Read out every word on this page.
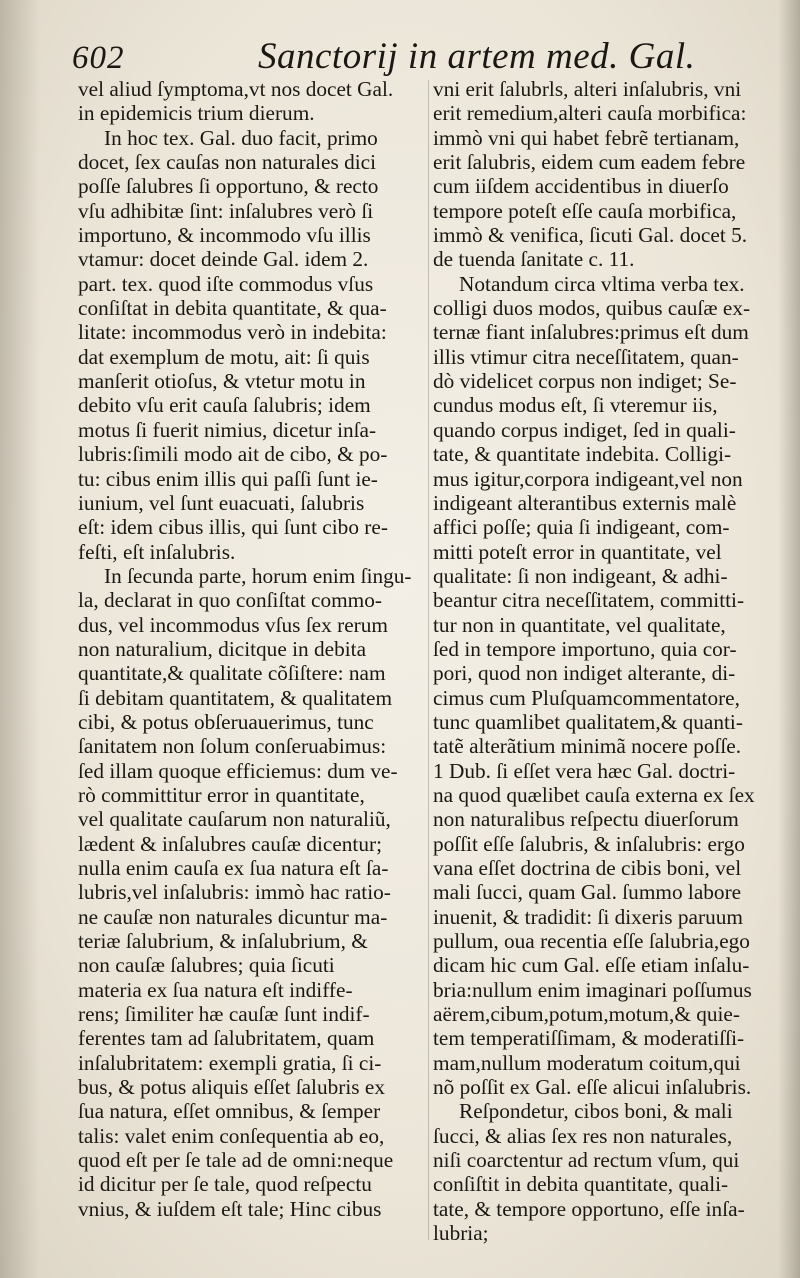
602	Sanctorij in artem med. Gal.
vel aliud ſymptoma,vt nos docet Gal.
in epidemicis trium dierum.
In hoc tex. Gal. duo facit, primo
docet, ſex cauſas non naturales dici
poſſe ſalubres ſi opportuno, & recto
vſu adhibitæ ſint: inſalubres verò ſi
importuno, & incommodo vſu illis
vtamur: docet deinde Gal. idem 2.
part. tex. quod iſte commodus vſus
conſiſtat in debita quantitate, & qua-
litate: incommodus verò in indebita:
dat exemplum de motu, ait: ſi quis
manſerit otioſus, & vtetur motu in
debito vſu erit cauſa ſalubris; idem
motus ſi fuerit nimius, dicetur inſa-
lubris:ſimili modo ait de cibo, & po-
tu: cibus enim illis qui paſſi ſunt ie-
iunium, vel ſunt euacuati, ſalubris
eſt: idem cibus illis, qui ſunt cibo re-
feſti, eſt inſalubris.
In ſecunda parte, horum enim ſingu-
la, declarat in quo conſiſtat commo-
dus, vel incommodus vſus ſex rerum
non naturalium, dicitque in debita
quantitate,& qualitate cõſiſtere: nam
ſi debitam quantitatem, & qualitatem
cibi, & potus obſeruauerimus, tunc
ſanitatem non ſolum conſeruabimus:
ſed illam quoque efficiemus: dum ve-
rò committitur error in quantitate,
vel qualitate cauſarum non naturaliũ,
lædent & inſalubres cauſæ dicentur;
nulla enim cauſa ex ſua natura eſt ſa-
lubris,vel inſalubris: immò hac ratio-
ne cauſæ non naturales dicuntur ma-
teriæ ſalubrium, & inſalubrium, &
non cauſæ ſalubres; quia ſicuti
materia ex ſua natura eſt indiffe-
rens; ſimiliter hæ cauſæ ſunt indif-
ferentes tam ad ſalubritatem, quam
inſalubritatem: exempli gratia, ſi ci-
bus, & potus aliquis eſſet ſalubris ex
ſua natura, eſſet omnibus, & ſemper
talis: valet enim conſequentia ab eo,
quod eſt per ſe tale ad de omni:neque
id dicitur per ſe tale, quod reſpectu
vnius, & iuſdem eſt tale; Hinc cibus
vni erit ſalubrls, alteri inſalubris, vni
erit remedium,alteri cauſa morbifica:
immò vni qui habet febrẽ tertianam,
erit ſalubris, eidem cum eadem febre
cum iiſdem accidentibus in diuerſo
tempore poteſt eſſe cauſa morbifica,
immò & venifica, ſicuti Gal. docet 5.
de tuenda ſanitate c. 11.
Notandum circa vltima verba tex.
colligi duos modos, quibus cauſæ ex-
ternæ fiant inſalubres:primus eſt dum
illis vtimur citra neceſſitatem, quan-
dò videlicet corpus non indiget; Se-
cundus modus eſt, ſi vteremur iis,
quando corpus indiget, ſed in quali-
tate, & quantitate indebita. Colligi-
mus igitur,corpora indigeant,vel non
indigeant alterantibus externis malè
affici poſſe; quia ſi indigeant, com-
mitti poteſt error in quantitate, vel
qualitate: ſi non indigeant, & adhi-
beantur citra neceſſitatem, committi-
tur non in quantitate, vel qualitate,
ſed in tempore importuno, quia cor-
pori, quod non indiget alterante, di-
cimus cum Pluſquamcommentatore,
tunc quamlibet qualitatem,& quanti-
tatẽ alterãtium minimã nocere poſſe.
1 Dub. ſi eſſet vera hæc Gal. doctri-
na quod quælibet cauſa externa ex ſex
non naturalibus reſpectu diuerſorum
poſſit eſſe ſalubris, & inſalubris: ergo
vana eſſet doctrina de cibis boni, vel
mali ſucci, quam Gal. ſummo labore
inuenit, & tradidit: ſi dixeris paruum
pullum, oua recentia eſſe ſalubria,ego
dicam hic cum Gal. eſſe etiam inſalu-
bria:nullum enim imaginari poſſumus
aërem,cibum,potum,motum,& quie-
tem temperatiſſimam, & moderatiſſi-
mam,nullum moderatum coitum,qui
nõ poſſit ex Gal. eſſe alicui inſalubris.
Reſpondetur, cibos boni, & mali
ſucci, & alias ſex res non naturales,
niſi coarctentur ad rectum vſum, qui
conſiſtit in debita quantitate, quali-
tate, & tempore opportuno, eſſe inſa-
lubria;
